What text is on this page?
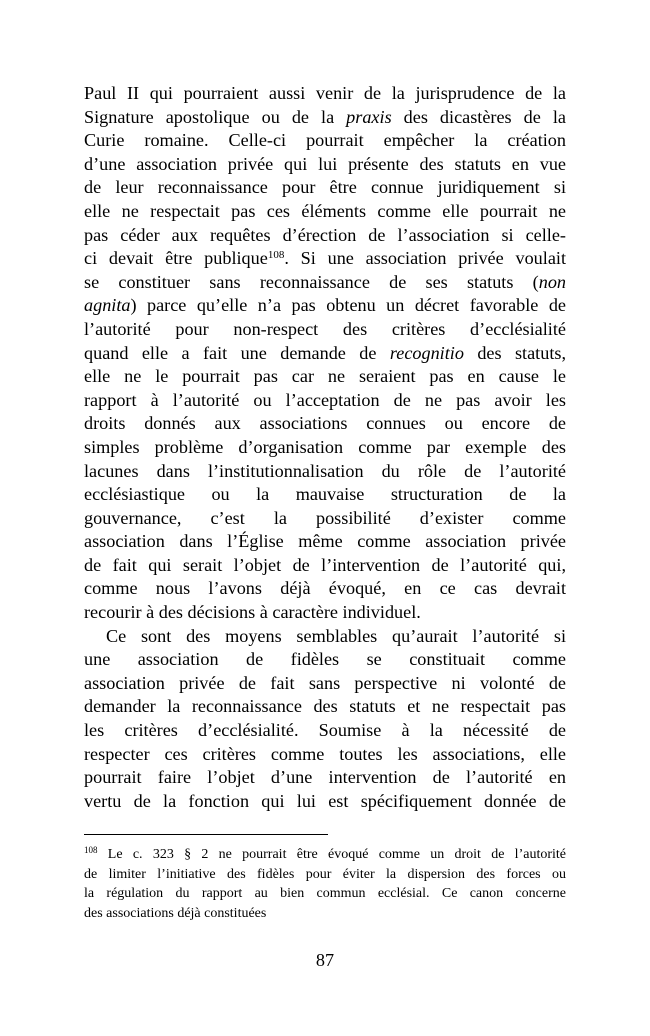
Paul II qui pourraient aussi venir de la jurisprudence de la
Signature apostolique ou de la praxis des dicastères de la
Curie romaine. Celle-ci pourrait empêcher la création
d’une association privée qui lui présente des statuts en vue
de leur reconnaissance pour être connue juridiquement si
elle ne respectait pas ces éléments comme elle pourrait ne
pas céder aux requêtes d’érection de l’association si celle-
ci devait être publique$^{108}$. Si une association privée voulait
se constituer sans reconnaissance de ses statuts (non
agnita) parce qu’elle n’a pas obtenu un décret favorable de
l’autorité pour non-respect des critères d’ecclésialité
quand elle a fait une demande de recognitio des statuts,
elle ne le pourrait pas car ne seraient pas en cause le
rapport à l’autorité ou l’acceptation de ne pas avoir les
droits donnés aux associations connues ou encore de
simples problème d’organisation comme par exemple des
lacunes dans l’institutionnalisation du rôle de l’autorité
ecclésiastique ou la mauvaise structuration de la
gouvernance, c’est la possibilité d’exister comme
association dans l’Église même comme association privée
de fait qui serait l’objet de l’intervention de l’autorité qui,
comme nous l’avons déjà évoqué, en ce cas devrait
recourir à des décisions à caractère individuel.
Ce sont des moyens semblables qu’aurait l’autorité si
une association de fidèles se constituait comme
association privée de fait sans perspective ni volonté de
demander la reconnaissance des statuts et ne respectait pas
les critères d’ecclésialité. Soumise à la nécessité de
respecter ces critères comme toutes les associations, elle
pourrait faire l’objet d’une intervention de l’autorité en
vertu de la fonction qui lui est spécifiquement donnée de
$^{108}$ Le c. 323 § 2 ne pourrait être évoqué comme un droit de l’autorité
de limiter l’initiative des fidèles pour éviter la dispersion des forces ou
la régulation du rapport au bien commun ecclésial. Ce canon concerne
des associations déjà constituées
87
